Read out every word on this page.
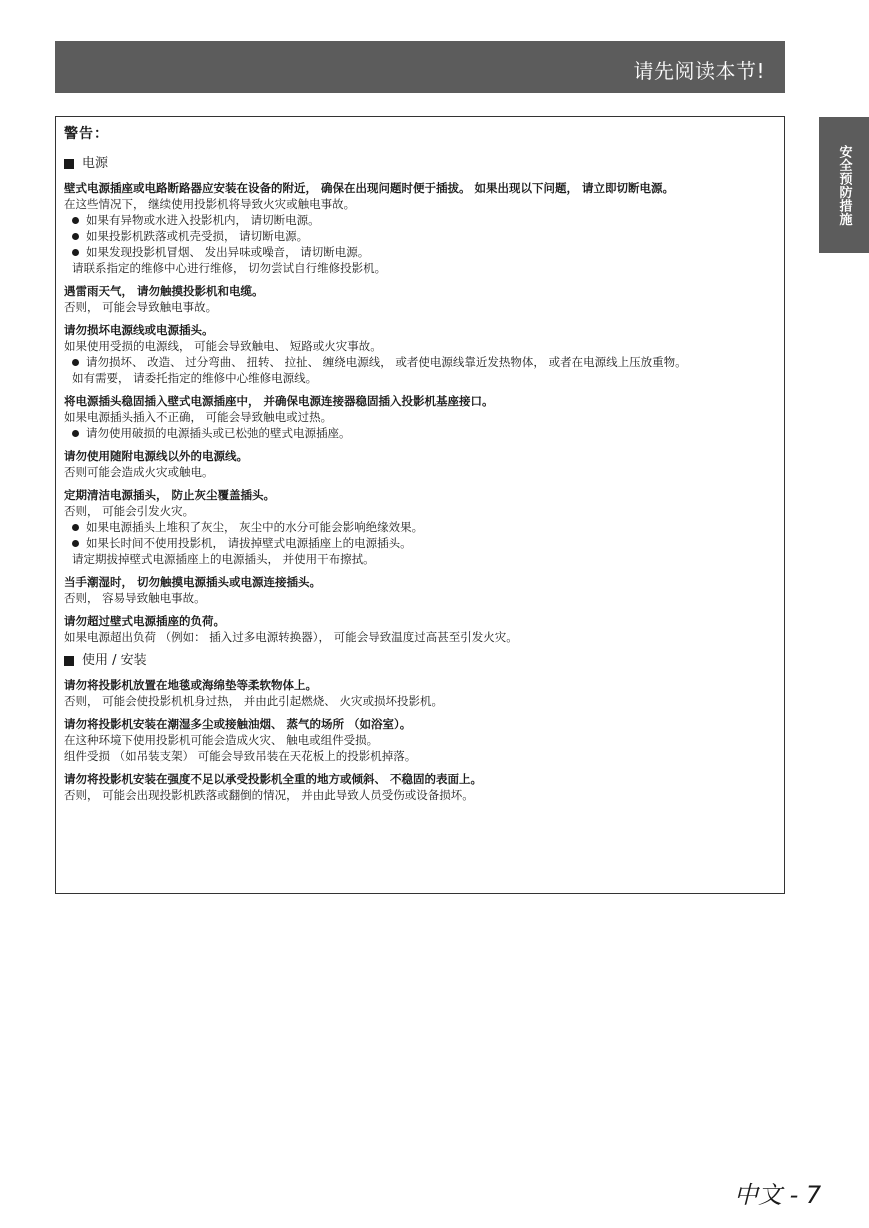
请先阅读本节!
安全预防措施
警告：
电源
壁式电源插座或电路断路器应安装在设备的附近， 确保在出现问题时便于插拔。 如果出现以下问题， 请立即切断电源。
在这些情况下， 继续使用投影机将导致火灾或触电事故。
如果有异物或水进入投影机内， 请切断电源。
如果投影机跌落或机壳受损， 请切断电源。
如果发现投影机冒烟、 发出异味或噪音， 请切断电源。
请联系指定的维修中心进行维修， 切勿尝试自行维修投影机。
遇雷雨天气， 请勿触摸投影机和电缆。
否则， 可能会导致触电事故。
请勿损坏电源线或电源插头。
如果使用受损的电源线， 可能会导致触电、 短路或火灾事故。
请勿损坏、 改造、 过分弯曲、 扭转、 拉扯、 缠绕电源线， 或者使电源线靠近发热物体， 或者在电源线上压放重物。
如有需要， 请委托指定的维修中心维修电源线。
将电源插头稳固插入壁式电源插座中， 并确保电源连接器稳固插入投影机基座接口。
如果电源插头插入不正确， 可能会导致触电或过热。
请勿使用破损的电源插头或已松弛的壁式电源插座。
请勿使用随附电源线以外的电源线。
否则可能会造成火灾或触电。
定期清洁电源插头， 防止灰尘覆盖插头。
否则， 可能会引发火灾。
如果电源插头上堆积了灰尘， 灰尘中的水分可能会影响绝缘效果。
如果长时间不使用投影机， 请拔掉壁式电源插座上的电源插头。
请定期拔掉壁式电源插座上的电源插头， 并使用干布擦拭。
当手潮湿时， 切勿触摸电源插头或电源连接插头。
否则， 容易导致触电事故。
请勿超过壁式电源插座的负荷。
如果电源超出负荷 （例如： 插入过多电源转换器）， 可能会导致温度过高甚至引发火灾。
使用 / 安装
请勿将投影机放置在地毯或海绵垫等柔软物体上。
否则， 可能会使投影机机身过热， 并由此引起燃烧、 火灾或损坏投影机。
请勿将投影机安装在潮湿多尘或接触油烟、 蒸气的场所 （如浴室）。
在这种环境下使用投影机可能会造成火灾、 触电或组件受损。
组件受损 （如吊装支架） 可能会导致吊装在天花板上的投影机掉落。
请勿将投影机安装在强度不足以承受投影机全重的地方或倾斜、 不稳固的表面上。
否则， 可能会出现投影机跌落或翻倒的情况， 并由此导致人员受伤或设备损坏。
中文 - 7
